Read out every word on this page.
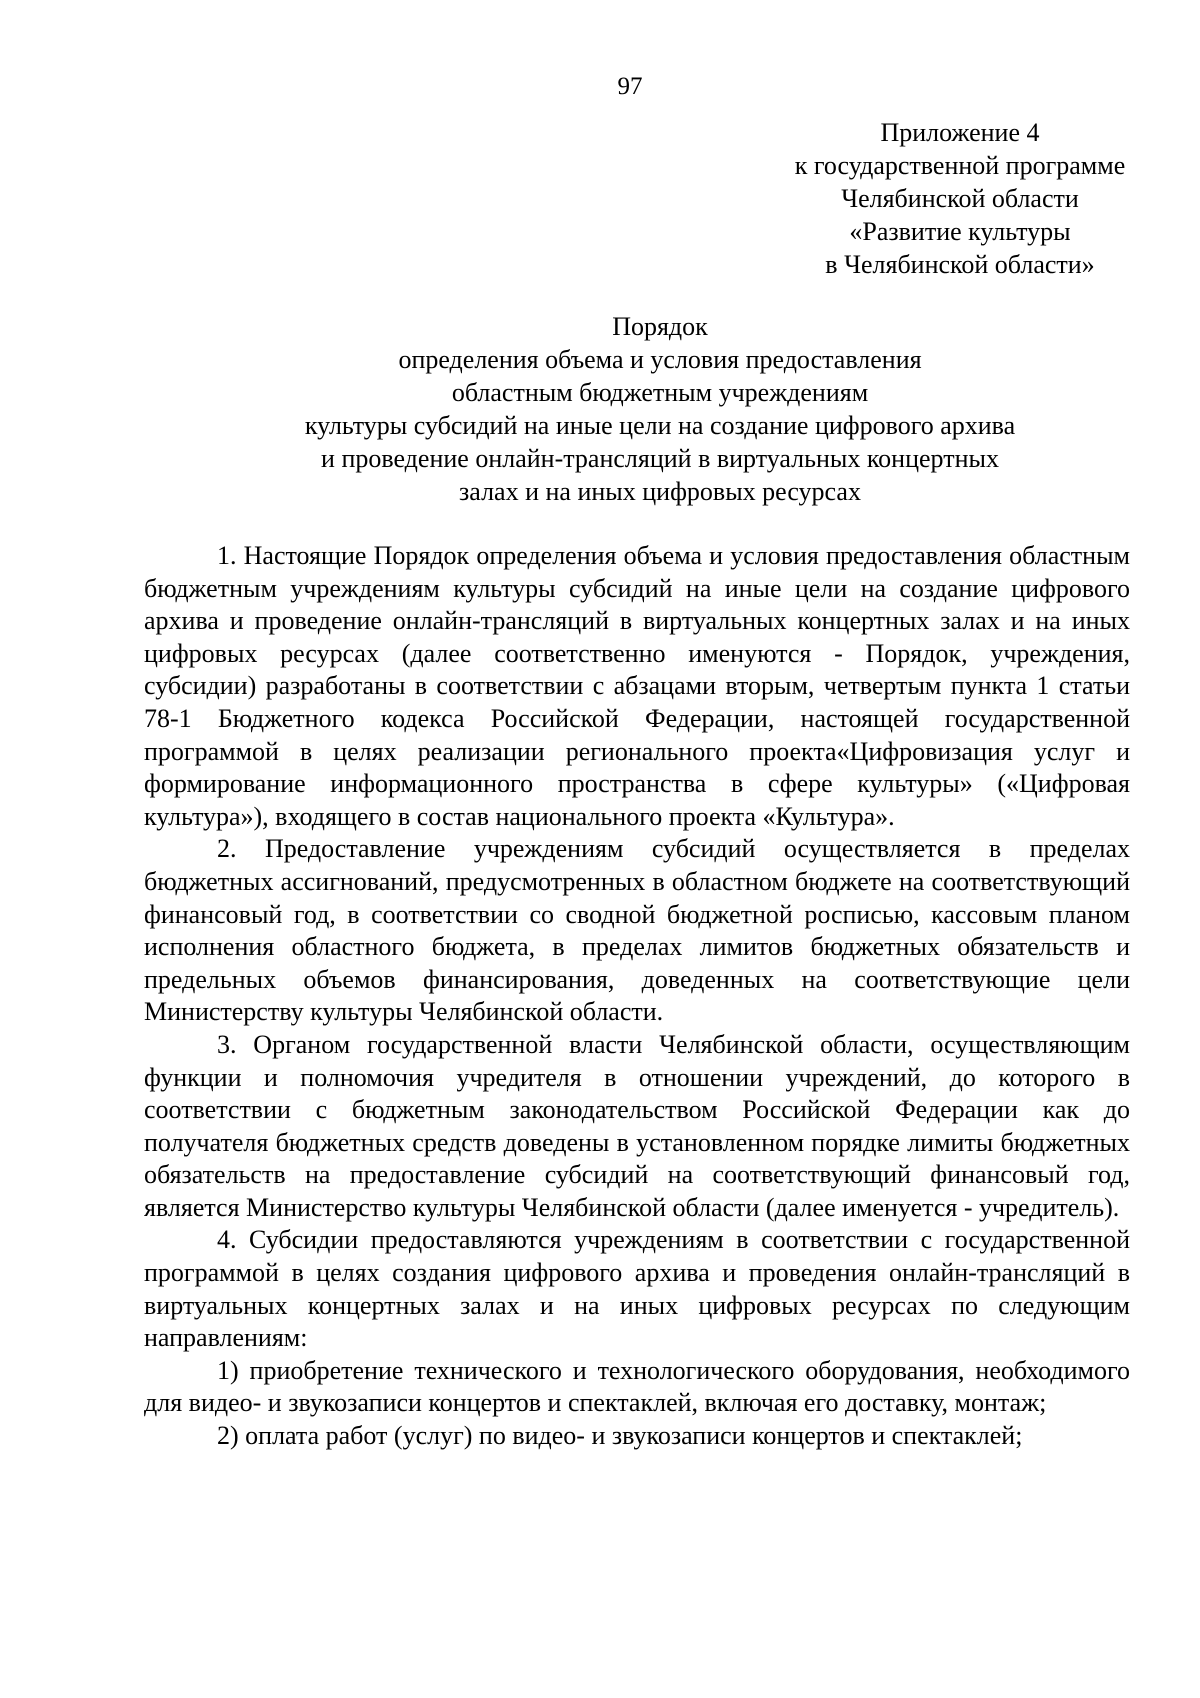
97
Приложение 4
к государственной программе
Челябинской области
«Развитие культуры
в Челябинской области»
Порядок
определения объема и условия предоставления
областным бюджетным учреждениям
культуры субсидий на иные цели на создание цифрового архива
и проведение онлайн-трансляций в виртуальных концертных
залах и на иных цифровых ресурсах

1. Настоящие Порядок определения объема и условия предоставления областным бюджетным учреждениям культуры субсидий на иные цели на создание цифрового архива и проведение онлайн-трансляций в виртуальных концертных залах и на иных цифровых ресурсах (далее соответственно именуются - Порядок, учреждения, субсидии) разработаны в соответствии с абзацами вторым, четвертым пункта 1 статьи 78-1 Бюджетного кодекса Российской Федерации, настоящей государственной программой в целях реализации регионального проекта«Цифровизация услуг и формирование информационного пространства в сфере культуры» («Цифровая культура»), входящего в состав национального проекта «Культура».

2. Предоставление учреждениям субсидий осуществляется в пределах бюджетных ассигнований, предусмотренных в областном бюджете на соответствующий финансовый год, в соответствии со сводной бюджетной росписью, кассовым планом исполнения областного бюджета, в пределах лимитов бюджетных обязательств и предельных объемов финансирования, доведенных на соответствующие цели Министерству культуры Челябинской области.

3. Органом государственной власти Челябинской области, осуществляющим функции и полномочия учредителя в отношении учреждений, до которого в соответствии с бюджетным законодательством Российской Федерации как до получателя бюджетных средств доведены в установленном порядке лимиты бюджетных обязательств на предоставление субсидий на соответствующий финансовый год, является Министерство культуры Челябинской области (далее именуется - учредитель).

4. Субсидии предоставляются учреждениям в соответствии с государственной программой в целях создания цифрового архива и проведения онлайн-трансляций в виртуальных концертных залах и на иных цифровых ресурсах по следующим направлениям:

1) приобретение технического и технологического оборудования, необходимого для видео- и звукозаписи концертов и спектаклей, включая его доставку, монтаж;

2) оплата работ (услуг) по видео- и звукозаписи концертов и спектаклей;
